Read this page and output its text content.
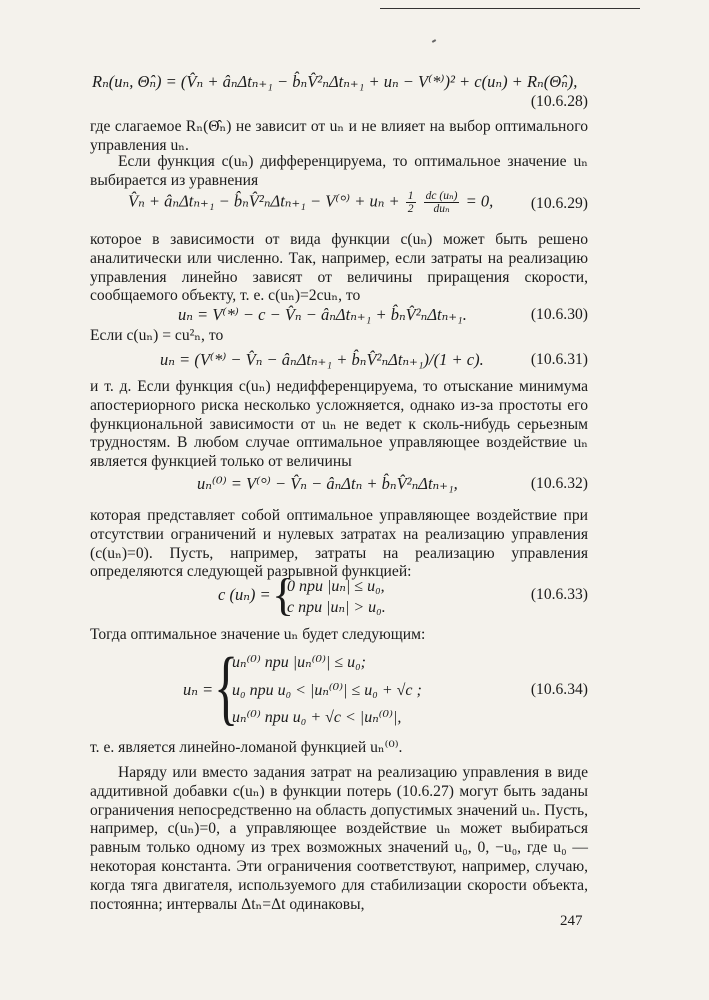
Rₙ(uₙ, Θ̂ₙ) = (V̂ₙ + âₙΔtₙ₊₁ − b̂ₙV̂²ₙΔtₙ₊₁ + uₙ − V⁽*⁾)² + c(uₙ) + Rₙ(Θ̂ₙ),
(10.6.28)

где слагаемое Rₙ(Θ̂ₙ) не зависит от uₙ и не влияет на выбор оптимального управления uₙ.

Если функция c(uₙ) дифференцируема, то оптимальное значение uₙ выбирается из уравнения

V̂ₙ + âₙΔtₙ₊₁ − b̂ₙV̂²ₙΔtₙ₊₁ − $V^(^\circ^) + u_n + \frac{1}{2}$
$\frac{\text{dc (uₙ)}}{\text{duₙ}} = 0$, (10.6.29)

которое в зависимости от вида функции c(uₙ) может быть решено аналитически или численно. Так, например, если затраты на реализацию управления линейно зависят от величины приращения скорости, сообщаемого объекту, т. е. c(uₙ)=2cuₙ, то

uₙ = V⁽*⁾ − c − V̂ₙ − âₙΔtₙ₊₁ + b̂ₙV̂²ₙΔtₙ₊₁.	(10.6.30)

Если c(uₙ) = cu²ₙ, то

uₙ = (V⁽*⁾ − V̂ₙ − âₙΔtₙ₊₁ + b̂ₙV̂²ₙΔtₙ₊₁)/(1 + c).	(10.6.31)

и т. д. Если функция c(uₙ) недифференцируема, то отыскание минимума апостериорного риска несколько усложняется, однако из-за простоты его функциональной зависимости от uₙ не ведет к сколь-нибудь серьезным трудностям. В любом случае оптимальное управляющее воздействие uₙ является функцией только от величины

uₙ⁽⁰⁾ = V⁽°⁾ − V̂ₙ − âₙΔtₙ + b̂ₙV̂²ₙΔtₙ₊₁,	(10.6.32)

которая представляет собой оптимальное управляющее воздействие при отсутствии ограничений и нулевых затратах на реализацию управления (c(uₙ)=0). Пусть, например, затраты на реализацию управления определяются следующей разрывной функцией:

c (uₙ) = {
0 при |uₙ| ≤ u₀,
c при |uₙ| > u₀.
(10.6.33)

Тогда оптимальное значение uₙ будет следующим:

uₙ = {
uₙ⁽⁰⁾ при |uₙ⁽⁰⁾| ≤ u₀;
u₀ при u₀ < |uₙ⁽⁰⁾| ≤ u₀ + √c ;
uₙ⁽⁰⁾ при u₀ + √c < |uₙ⁽⁰⁾|,
(10.6.34)

т. е. является линейно-ломаной функцией uₙ⁽⁰⁾.

Наряду или вместо задания затрат на реализацию управления в виде аддитивной добавки c(uₙ) в функции потерь (10.6.27) могут быть заданы ограничения непосредственно на область допустимых значений uₙ. Пусть, например, c(uₙ)=0, а управляющее воздействие uₙ может выбираться равным только одному из трех возможных значений u₀, 0, −u₀, где u₀ — некоторая константа. Эти ограничения соответствуют, например, случаю, когда тяга двигателя, используемого для стабилизации скорости объекта, постоянна; интервалы Δtₙ=Δt одинаковы,

247
